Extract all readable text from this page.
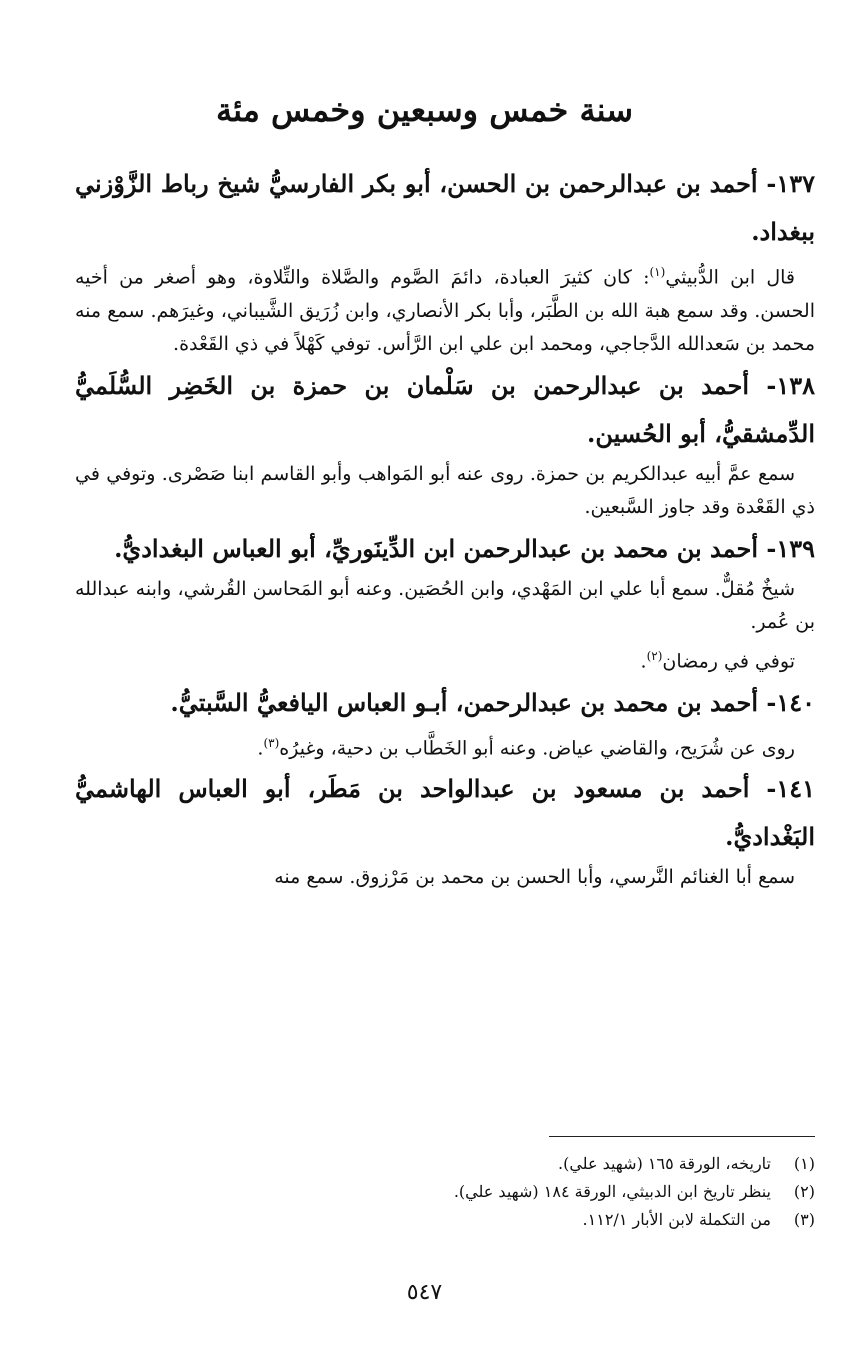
سنة خمس وسبعين وخمس مئة

١٣٧- أحمد بن عبدالرحمن بن الحسن، أبو بكر الفارسيُّ شيخ رباط الزَّوْزني ببغداد.

قال ابن الدُّبيثي$^{(١)}$: كان كثيرَ العبادة، دائمَ الصَّوم والصَّلاة والتِّلاوة، وهو أصغر من أخيه الحسن. وقد سمع هبة الله بن الطَّبَر، وأبا بكر الأنصاري، وابن زُرَيق الشَّيباني، وغيرَهم. سمع منه محمد بن سَعدالله الدَّجاجي، ومحمد ابن علي ابن الرَّأس. توفي كَهْلاً في ذي القَعْدة.

١٣٨- أحمد بن عبدالرحمن بن سَلْمان بن حمزة بن الخَضِر السُّلَميُّ الدِّمشقيُّ، أبو الحُسين.

سمع عمَّ أبيه عبدالكريم بن حمزة. روى عنه أبو المَواهب وأبو القاسم ابنا صَصْرى. وتوفي في ذي القَعْدة وقد جاوز السَّبعين.

١٣٩- أحمد بن محمد بن عبدالرحمن ابن الدِّينَوريِّ، أبو العباس البغداديُّ.

شيخٌ مُقلٌّ. سمع أبا علي ابن المَهْدي، وابن الحُصَين. وعنه أبو المَحاسن القُرشي، وابنه عبدالله بن عُمر.

توفي في رمضان$^{(٢)}$.

١٤٠- أحمد بن محمد بن عبدالرحمن، أبـو العباس اليافعيُّ السَّبتيُّ.

روى عن شُرَيح، والقاضي عياض. وعنه أبو الخَطَّاب بن دحية، وغيرُه$^{(٣)}$.

١٤١- أحمد بن مسعود بن عبدالواحد بن مَطَر، أبو العباس الهاشميُّ البَغْداديُّ.

سمع أبا الغنائم النَّرسي، وأبا الحسن بن محمد بن مَرْزوق. سمع منه

(١)تاريخه، الورقة ١٦٥ (شهيد علي).

(٢)ينظر تاريخ ابن الدبيثي، الورقة ١٨٤ (شهيد علي).

(٣)من التكملة لابن الأبار ١١٢/١.

٥٤٧
